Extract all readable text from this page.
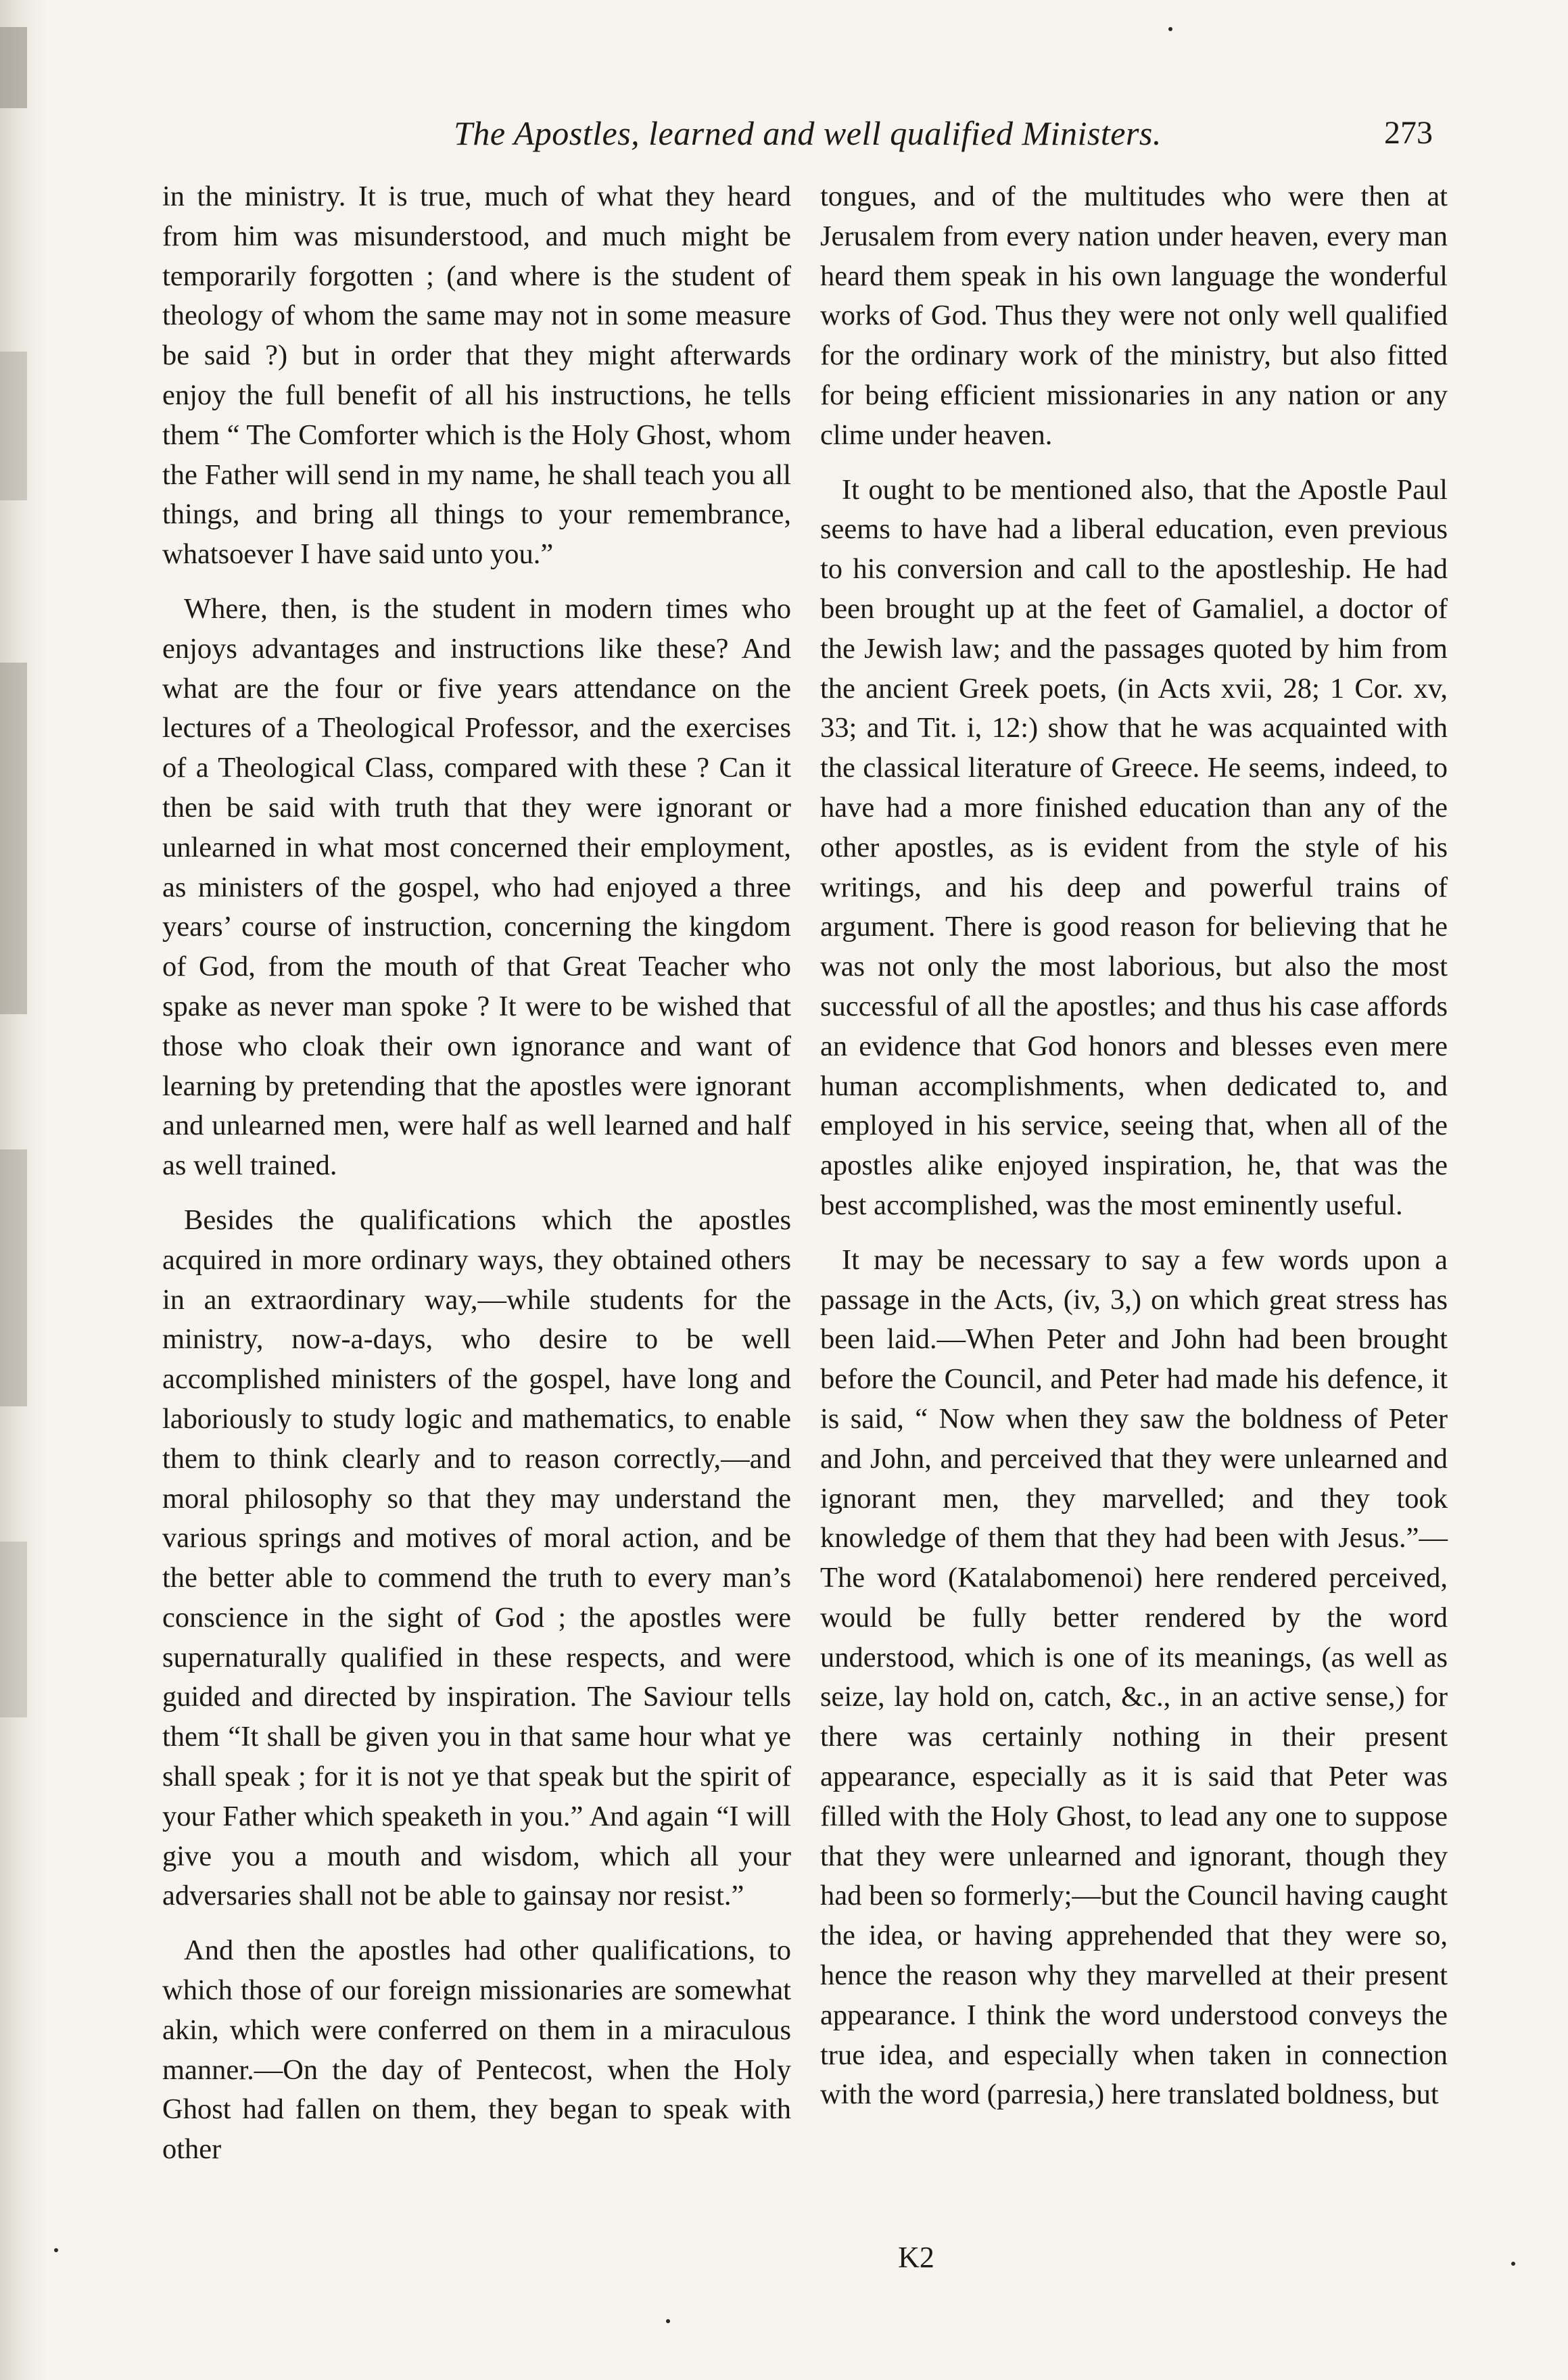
The Apostles, learned and well qualified Ministers.	273

in the ministry. It is true, much of what they heard from him was misunderstood, and much might be temporarily forgotten ; (and where is the student of theology of whom the same may not in some measure be said ?) but in order that they might afterwards enjoy the full benefit of all his instructions, he tells them “ The Comforter which is the Holy Ghost, whom the Father will send in my name, he shall teach you all things, and bring all things to your remembrance, whatsoever I have said unto you.”

Where, then, is the student in modern times who enjoys advantages and instructions like these? And what are the four or five years attendance on the lectures of a Theological Professor, and the exercises of a Theological Class, compared with these ? Can it then be said with truth that they were ignorant or unlearned in what most concerned their employment, as ministers of the gospel, who had enjoyed a three years’ course of instruction, concerning the kingdom of God, from the mouth of that Great Teacher who spake as never man spoke ? It were to be wished that those who cloak their own ignorance and want of learning by pretending that the apostles were ignorant and unlearned men, were half as well learned and half as well trained.

Besides the qualifications which the apostles acquired in more ordinary ways, they obtained others in an extraordinary way,—while students for the ministry, now-a-days, who desire to be well accomplished ministers of the gospel, have long and laboriously to study logic and mathematics, to enable them to think clearly and to reason correctly,—and moral philosophy so that they may understand the various springs and motives of moral action, and be the better able to commend the truth to every man’s conscience in the sight of God ; the apostles were supernaturally qualified in these respects, and were guided and directed by inspiration. The Saviour tells them “It shall be given you in that same hour what ye shall speak ; for it is not ye that speak but the spirit of your Father which speaketh in you.” And again “I will give you a mouth and wisdom, which all your adversaries shall not be able to gainsay nor resist.”

And then the apostles had other qualifications, to which those of our foreign missionaries are somewhat akin, which were conferred on them in a miraculous manner.—On the day of Pentecost, when the Holy Ghost had fallen on them, they began to speak with other

tongues, and of the multitudes who were then at Jerusalem from every nation under heaven, every man heard them speak in his own language the wonderful works of God. Thus they were not only well qualified for the ordinary work of the ministry, but also fitted for being efficient missionaries in any nation or any clime under heaven.

It ought to be mentioned also, that the Apostle Paul seems to have had a liberal education, even previous to his conversion and call to the apostleship. He had been brought up at the feet of Gamaliel, a doctor of the Jewish law; and the passages quoted by him from the ancient Greek poets, (in Acts xvii, 28; 1 Cor. xv, 33; and Tit. i, 12:) show that he was acquainted with the classical literature of Greece. He seems, indeed, to have had a more finished education than any of the other apostles, as is evident from the style of his writings, and his deep and powerful trains of argument. There is good reason for believing that he was not only the most laborious, but also the most successful of all the apostles; and thus his case affords an evidence that God honors and blesses even mere human accomplishments, when dedicated to, and employed in his service, seeing that, when all of the apostles alike enjoyed inspiration, he, that was the best accomplished, was the most eminently useful.

It may be necessary to say a few words upon a passage in the Acts, (iv, 3,) on which great stress has been laid.—When Peter and John had been brought before the Council, and Peter had made his defence, it is said, “ Now when they saw the boldness of Peter and John, and perceived that they were unlearned and ignorant men, they marvelled; and they took knowledge of them that they had been with Jesus.”—The word (Katalabomenoi) here rendered perceived, would be fully better rendered by the word understood, which is one of its meanings, (as well as seize, lay hold on, catch, &c., in an active sense,) for there was certainly nothing in their present appearance, especially as it is said that Peter was filled with the Holy Ghost, to lead any one to suppose that they were unlearned and ignorant, though they had been so formerly;—but the Council having caught the idea, or having apprehended that they were so, hence the reason why they marvelled at their present appearance. I think the word understood conveys the true idea, and especially when taken in connection with the word (parresia,) here translated boldness, but

K2
